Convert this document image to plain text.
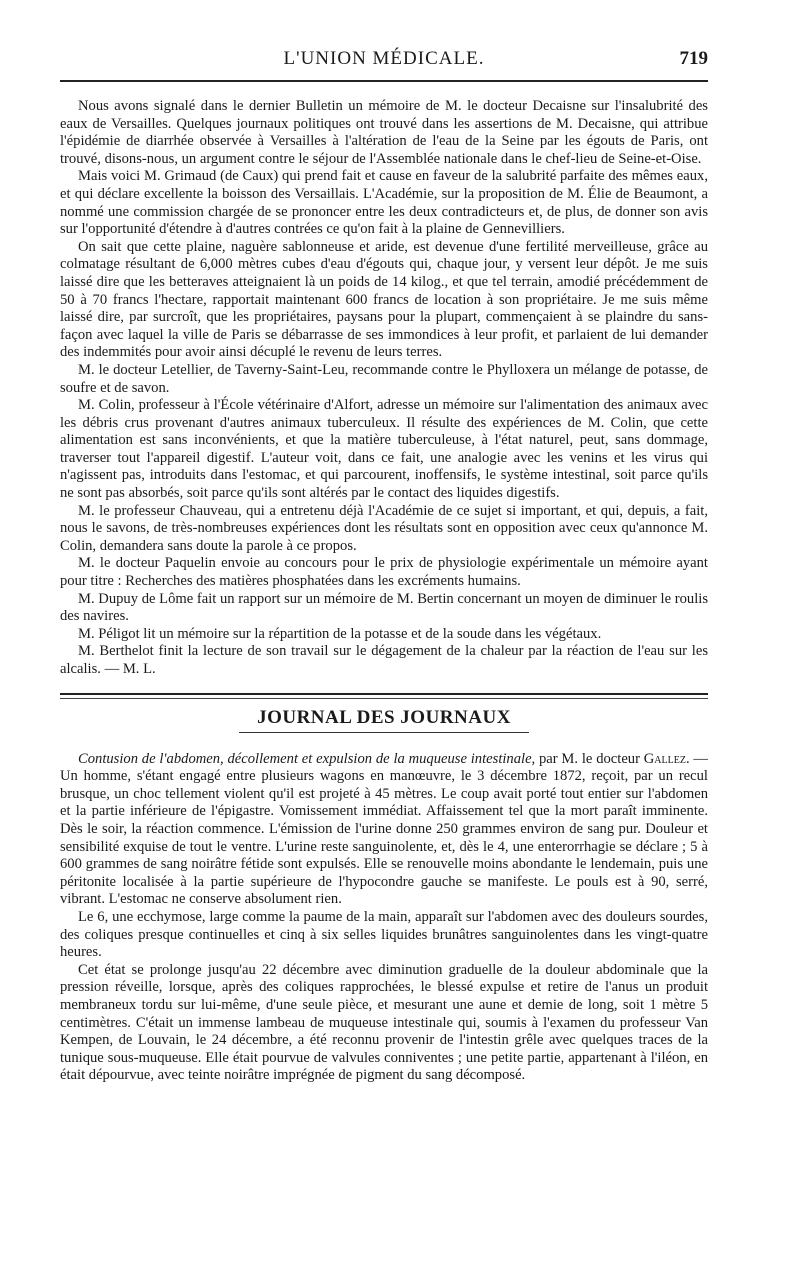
L'UNION MÉDICALE.	719

Nous avons signalé dans le dernier Bulletin un mémoire de M. le docteur Decaisne sur l'insalubrité des eaux de Versailles. Quelques journaux politiques ont trouvé dans les assertions de M. Decaisne, qui attribue l'épidémie de diarrhée observée à Versailles à l'altération de l'eau de la Seine par les égouts de Paris, ont trouvé, disons-nous, un argument contre le séjour de l'Assemblée nationale dans le chef-lieu de Seine-et-Oise.

Mais voici M. Grimaud (de Caux) qui prend fait et cause en faveur de la salubrité parfaite des mêmes eaux, et qui déclare excellente la boisson des Versaillais. L'Académie, sur la proposition de M. Élie de Beaumont, a nommé une commission chargée de se prononcer entre les deux contradicteurs et, de plus, de donner son avis sur l'opportunité d'étendre à d'autres contrées ce qu'on fait à la plaine de Gennevilliers.

On sait que cette plaine, naguère sablonneuse et aride, est devenue d'une fertilité merveilleuse, grâce au colmatage résultant de 6,000 mètres cubes d'eau d'égouts qui, chaque jour, y versent leur dépôt. Je me suis laissé dire que les betteraves atteignaient là un poids de 14 kilog., et que tel terrain, amodié précédemment de 50 à 70 francs l'hectare, rapportait maintenant 600 francs de location à son propriétaire. Je me suis même laissé dire, par surcroît, que les propriétaires, paysans pour la plupart, commençaient à se plaindre du sans-façon avec laquel la ville de Paris se débarrasse de ses immondices à leur profit, et parlaient de lui demander des indemmités pour avoir ainsi décuplé le revenu de leurs terres.

M. le docteur Letellier, de Taverny-Saint-Leu, recommande contre le Phylloxera un mélange de potasse, de soufre et de savon.

M. Colin, professeur à l'École vétérinaire d'Alfort, adresse un mémoire sur l'alimentation des animaux avec les débris crus provenant d'autres animaux tuberculeux. Il résulte des expériences de M. Colin, que cette alimentation est sans inconvénients, et que la matière tuberculeuse, à l'état naturel, peut, sans dommage, traverser tout l'appareil digestif. L'auteur voit, dans ce fait, une analogie avec les venins et les virus qui n'agissent pas, introduits dans l'estomac, et qui parcourent, inoffensifs, le système intestinal, soit parce qu'ils ne sont pas absorbés, soit parce qu'ils sont altérés par le contact des liquides digestifs.

M. le professeur Chauveau, qui a entretenu déjà l'Académie de ce sujet si important, et qui, depuis, a fait, nous le savons, de très-nombreuses expériences dont les résultats sont en opposition avec ceux qu'annonce M. Colin, demandera sans doute la parole à ce propos.

M. le docteur Paquelin envoie au concours pour le prix de physiologie expérimentale un mémoire ayant pour titre : Recherches des matières phosphatées dans les excréments humains.

M. Dupuy de Lôme fait un rapport sur un mémoire de M. Bertin concernant un moyen de diminuer le roulis des navires.

M. Péligot lit un mémoire sur la répartition de la potasse et de la soude dans les végétaux.

M. Berthelot finit la lecture de son travail sur le dégagement de la chaleur par la réaction de l'eau sur les alcalis. — M. L.

JOURNAL DES JOURNAUX

Contusion de l'abdomen, décollement et expulsion de la muqueuse intestinale, par M. le docteur Gallez. — Un homme, s'étant engagé entre plusieurs wagons en manœuvre, le 3 décembre 1872, reçoit, par un recul brusque, un choc tellement violent qu'il est projeté à 45 mètres. Le coup avait porté tout entier sur l'abdomen et la partie inférieure de l'épigastre. Vomissement immédiat. Affaissement tel que la mort paraît imminente. Dès le soir, la réaction commence. L'émission de l'urine donne 250 grammes environ de sang pur. Douleur et sensibilité exquise de tout le ventre. L'urine reste sanguinolente, et, dès le 4, une enterorrhagie se déclare ; 5 à 600 grammes de sang noirâtre fétide sont expulsés. Elle se renouvelle moins abondante le lendemain, puis une péritonite localisée à la partie supérieure de l'hypocondre gauche se manifeste. Le pouls est à 90, serré, vibrant. L'estomac ne conserve absolument rien.

Le 6, une ecchymose, large comme la paume de la main, apparaît sur l'abdomen avec des douleurs sourdes, des coliques presque continuelles et cinq à six selles liquides brunâtres sanguinolentes dans les vingt-quatre heures.

Cet état se prolonge jusqu'au 22 décembre avec diminution graduelle de la douleur abdominale que la pression réveille, lorsque, après des coliques rapprochées, le blessé expulse et retire de l'anus un produit membraneux tordu sur lui-même, d'une seule pièce, et mesurant une aune et demie de long, soit 1 mètre 5 centimètres. C'était un immense lambeau de muqueuse intestinale qui, soumis à l'examen du professeur Van Kempen, de Louvain, le 24 décembre, a été reconnu provenir de l'intestin grêle avec quelques traces de la tunique sous-muqueuse. Elle était pourvue de valvules conniventes ; une petite partie, appartenant à l'iléon, en était dépourvue, avec teinte noirâtre imprégnée de pigment du sang décomposé.
